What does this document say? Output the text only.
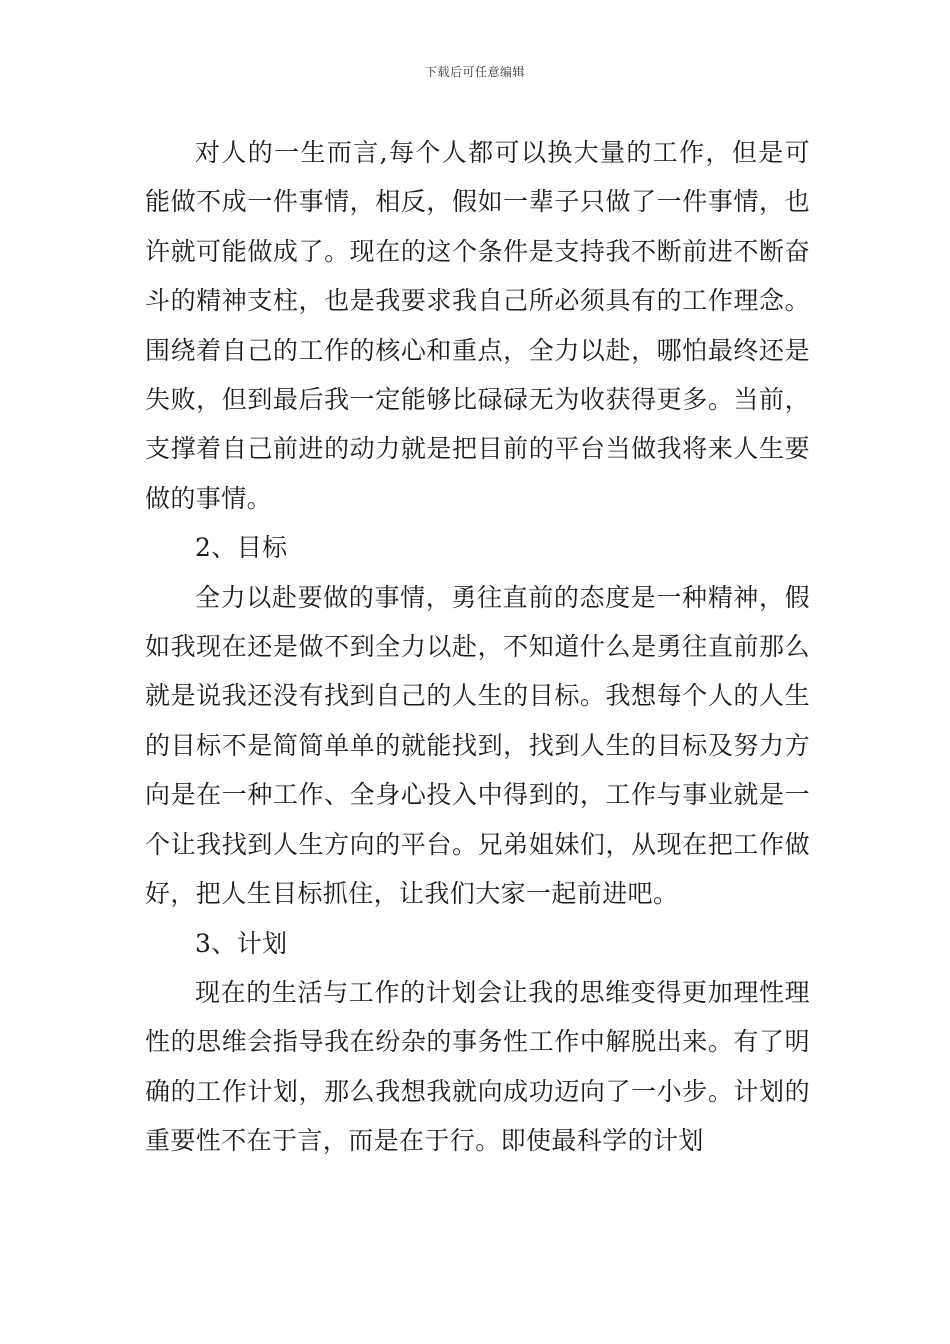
下载后可任意编辑

对人的一生而言,每个人都可以换大量的工作，但是可能做不成一件事情，相反，假如一辈子只做了一件事情，也许就可能做成了。现在的这个条件是支持我不断前进不断奋斗的精神支柱，也是我要求我自己所必须具有的工作理念。围绕着自己的工作的核心和重点，全力以赴，哪怕最终还是失败，但到最后我一定能够比碌碌无为收获得更多。当前，支撑着自己前进的动力就是把目前的平台当做我将来人生要做的事情。

2、目标

全力以赴要做的事情，勇往直前的态度是一种精神，假如我现在还是做不到全力以赴，不知道什么是勇往直前那么就是说我还没有找到自己的人生的目标。我想每个人的人生的目标不是简简单单的就能找到，找到人生的目标及努力方向是在一种工作、全身心投入中得到的，工作与事业就是一个让我找到人生方向的平台。兄弟姐妹们，从现在把工作做好，把人生目标抓住，让我们大家一起前进吧。

3、计划

现在的生活与工作的计划会让我的思维变得更加理性理性的思维会指导我在纷杂的事务性工作中解脱出来。有了明确的工作计划，那么我想我就向成功迈向了一小步。计划的重要性不在于言，而是在于行。即使最科学的计划
